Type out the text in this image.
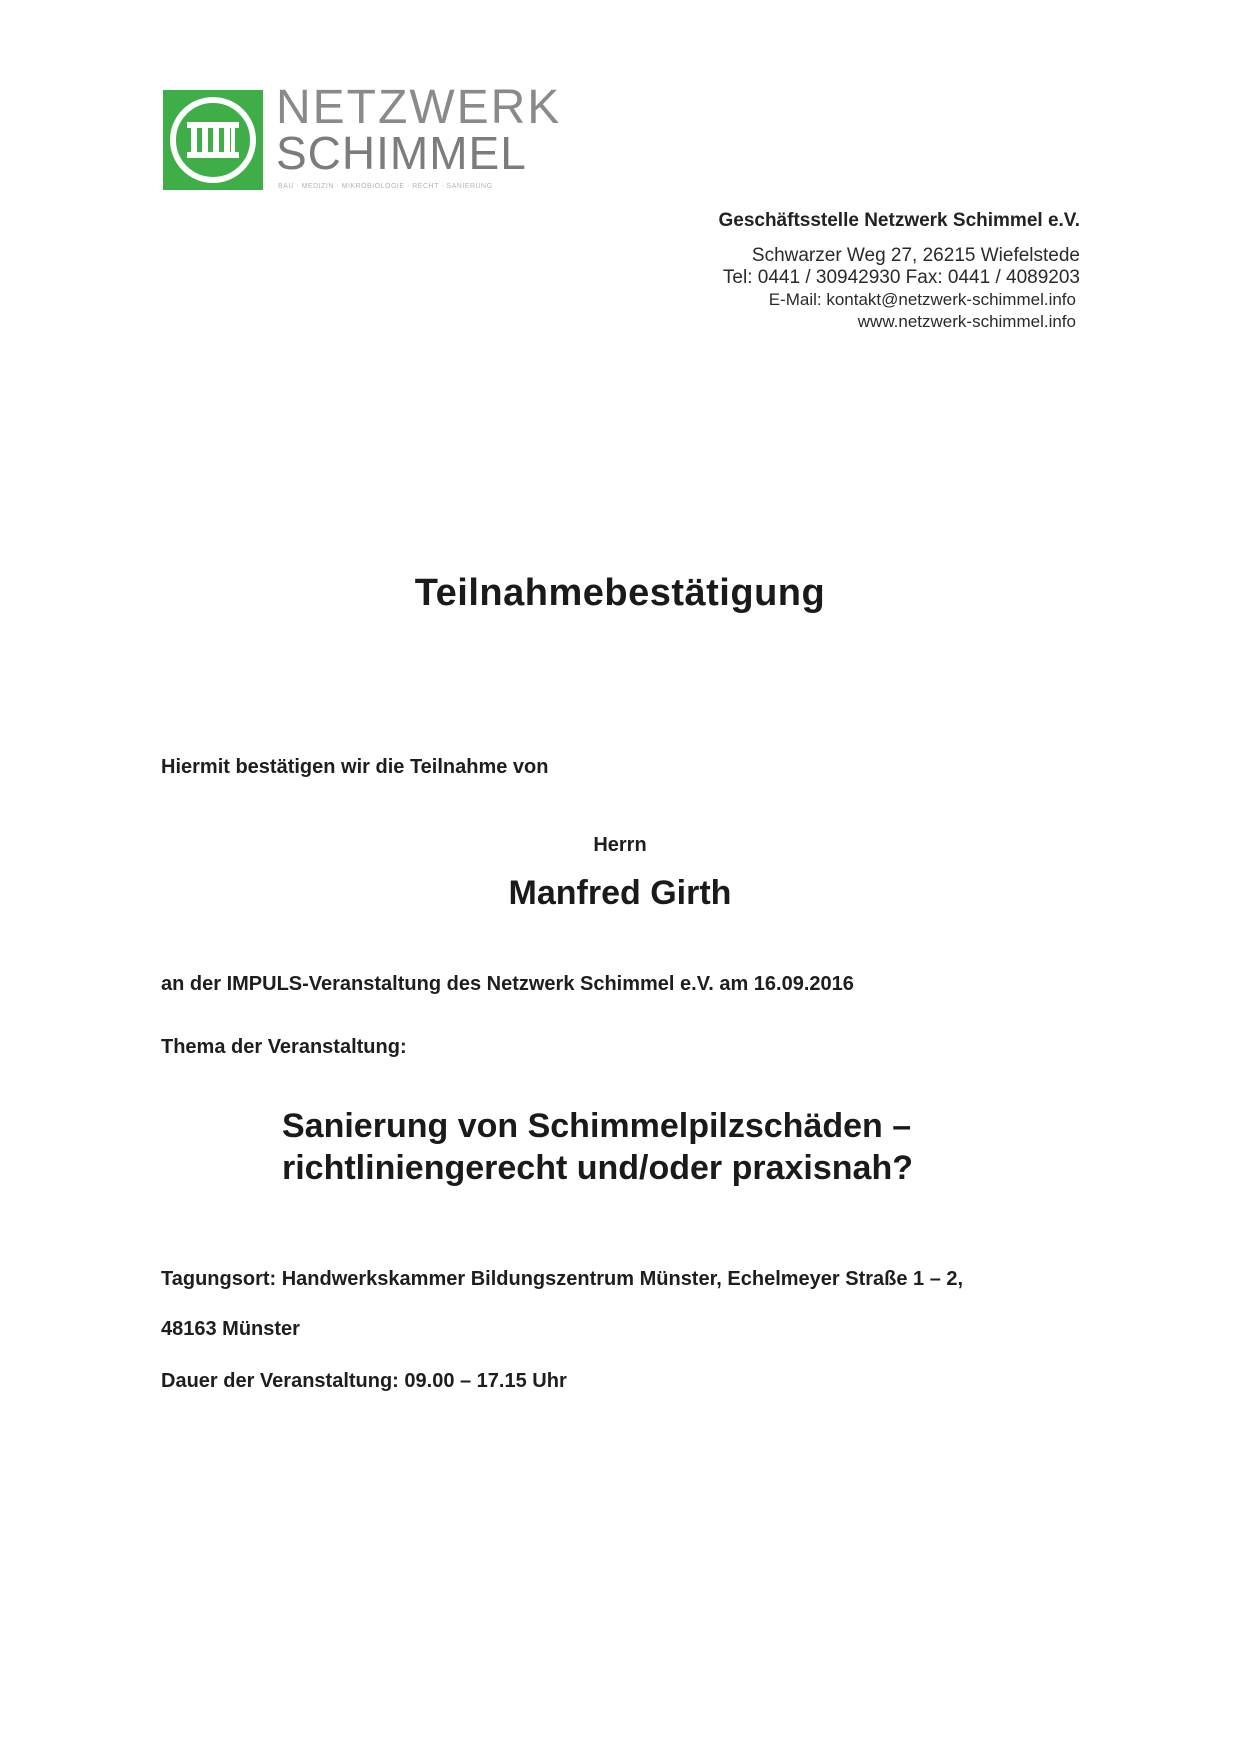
NETZWERK
SCHIMMEL
BAU · MEDIZIN · MIKROBIOLOGIE · RECHT · SANIERUNG
Geschäftsstelle Netzwerk Schimmel e.V.
Schwarzer Weg 27, 26215 Wiefelstede
Tel: 0441 / 30942930 Fax: 0441 / 4089203
E-Mail: kontakt@netzwerk-schimmel.info
www.netzwerk-schimmel.info
Teilnahmebestätigung
Hiermit bestätigen wir die Teilnahme von
Herrn
Manfred Girth
an der IMPULS-Veranstaltung des Netzwerk Schimmel e.V. am 16.09.2016
Thema der Veranstaltung:
Sanierung von Schimmelpilzschäden –
richtliniengerecht und/oder praxisnah?
Tagungsort: Handwerkskammer Bildungszentrum Münster, Echelmeyer Straße 1 – 2,
48163 Münster
Dauer der Veranstaltung: 09.00 – 17.15 Uhr
